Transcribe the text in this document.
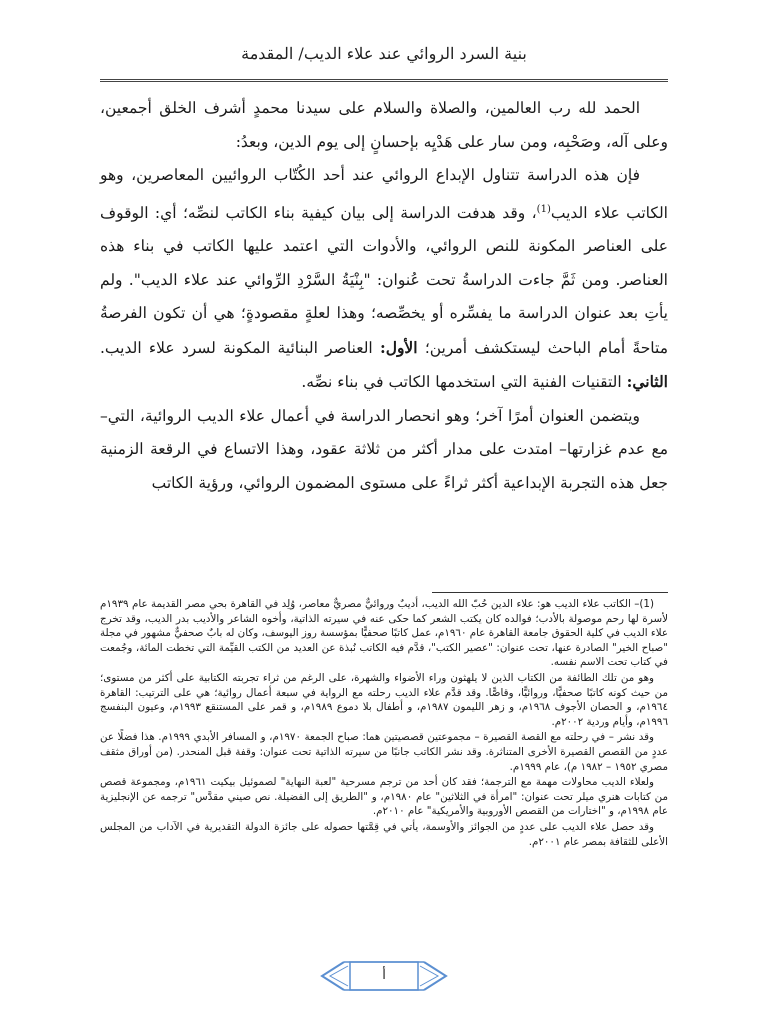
بنية السرد الروائي عند علاء الديب/ المقدمة

الحمد لله رب العالمين، والصلاة والسلام على سيدنا محمدٍ أشرف الخلق أجمعين، وعلى آله، وصَحْبِه، ومن سار على هَدْيِه بإحسانٍ إلى يوم الدين، وبعدُ:

فإن هذه الدراسة تتناول الإبداع الروائي عند أحد الكُتّاب الروائيين المعاصرين، وهو الكاتب علاء الديب$^{(1)}$، وقد هدفت الدراسة إلى بيان كيفية بناء الكاتب لنصِّه؛ أي: الوقوف على العناصر المكونة للنص الروائي، والأدوات التي اعتمد عليها الكاتب في بناء هذه العناصر. ومن ثَمَّ جاءت الدراسةُ تحت عُنوان: "بِنْيَةُ السَّرْدِ الرِّوائي عند علاء الديب". ولم يأتِ بعد عنوان الدراسة ما يفسِّره أو يخصِّصه؛ وهذا لعلةٍ مقصودةٍ؛ هي أن تكون الفرصةُ متاحةً أمام الباحث ليستكشف أمرين؛ الأول: العناصر البنائية المكونة لسرد علاء الديب. الثاني: التقنيات الفنية التي استخدمها الكاتب في بناء نصِّه.

ويتضمن العنوان أمرًا آخر؛ وهو انحصار الدراسة في أعمال علاء الديب الروائية، التي– مع عدم غزارتها– امتدت على مدار أكثر من ثلاثة عقود، وهذا الاتساع في الرقعة الزمنية جعل هذه التجربة الإبداعية أكثر ثراءً على مستوى المضمون الروائي، ورؤية الكاتب

(1)– الكاتب علاء الديب هو: علاء الدين حُبّ الله الديب، أديبٌ وروائيٌّ مصريٌّ معاصر، وُلِد في القاهرة بحي مصر القديمة عام ١٩٣٩م لأسرة لها رحم موصولة بالأدب؛ فوالده كان يكتب الشعر كما حكى عنه في سيرته الذاتية، وأخوه الشاعر والأديب بدر الديب، وقد تخرج علاء الديب في كلية الحقوق جامعة القاهرة عام ١٩٦٠م، عمل كاتبًا صحفيًّا بمؤسسة روز اليوسف، وكان له بابٌ صحفيٌّ مشهور في مجلة "صباح الخير" الصادرة عنها، تحت عنوان: "عصير الكتب"، قدَّم فيه الكاتب نُبذة عن العديد من الكتب القيِّمة التي تخطت المائة، وجُمعت في كتاب تحت الاسم نفسه.

وهو من تلك الطائفة من الكتاب الذين لا يلهثون وراء الأضواء والشهرة، على الرغم من ثراء تجربته الكتابية على أكثر من مستوى؛ من حيث كونه كاتبًا صحفيًّا، وروائيًّا، وقاصًّا. وقد قدَّم علاء الديب رحلته مع الرواية في سبعة أعمال روائية؛ هي على الترتيب: القاهرة ١٩٦٤م، و الحصان الأجوف ١٩٦٨م، و زهر الليمون ١٩٨٧م، و أطفال بلا دموع ١٩٨٩م، و قمر على المستنقع ١٩٩٣م، وعيون البنفسج ١٩٩٦م، وأيام وردية ٢٠٠٢م.

وقد نشر – في رحلته مع القصة القصيرة – مجموعتين قصصيتين هما: صباح الجمعة ١٩٧٠م، و المسافر الأبدي ١٩٩٩م. هذا فضلًا عن عددٍ من القصص القصيرة الأخرى المتناثرة. وقد نشر الكاتب جانبًا من سيرته الذاتية تحت عنوان: وقفة قبل المنحدر. (من أوراق مثقف مصري ١٩٥٢ – ١٩٨٢ م)، عام ١٩٩٩م.

ولعلاء الديب محاولات مهمة مع الترجمة؛ فقد كان أحد من ترجم مسرحية "لعبة النهاية" لصموئيل بيكيت ١٩٦١م، ومجموعة قصص من كتابات هنري ميلر تحت عنوان: "امرأة في الثلاثين" عام ١٩٨٠م، و "الطريق إلى الفضيلة. نص صيني مقدَّس" ترجمه عن الإنجليزية عام ١٩٩٨م، و "اختارات من القصص الأوروبية والأمريكية" عام ٢٠١٠م.

وقد حصل علاء الديب على عددٍ من الجوائز والأوسمة، يأتي في قِمَّتها حصوله على جائزة الدولة التقديرية في الآداب من المجلس الأعلى للثقافة بمصر عام ٢٠٠١م.

أ
